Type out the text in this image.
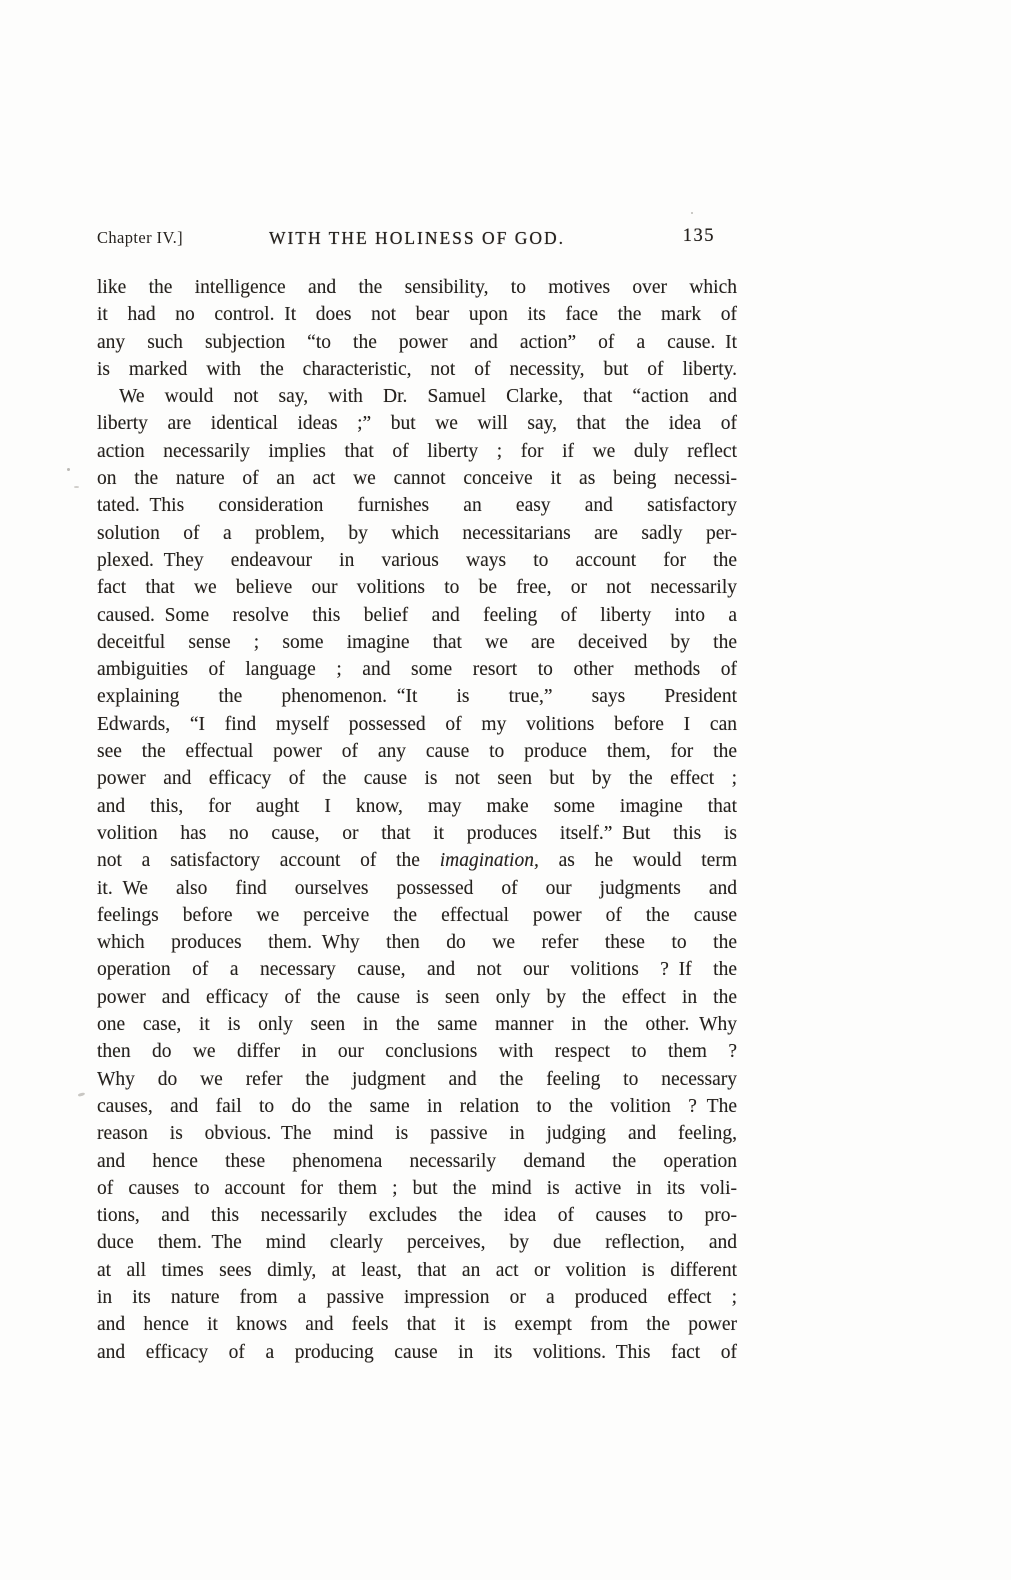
Chapter IV.]	WITH THE HOLINESS OF GOD.	135
like the intelligence and the sensibility, to motives over which
it had no control. It does not bear upon its face the mark of
any such subjection “to the power and action” of a cause. It
is marked with the characteristic, not of necessity, but of liberty.
We would not say, with Dr. Samuel Clarke, that “action and
liberty are identical ideas ;” but we will say, that the idea of
action necessarily implies that of liberty ; for if we duly reflect
on the nature of an act we cannot conceive it as being necessi-
tated. This consideration furnishes an easy and satisfactory
solution of a problem, by which necessitarians are sadly per-
plexed. They endeavour in various ways to account for the
fact that we believe our volitions to be free, or not necessarily
caused. Some resolve this belief and feeling of liberty into a
deceitful sense ; some imagine that we are deceived by the
ambiguities of language ; and some resort to other methods of
explaining the phenomenon. “It is true,” says President
Edwards, “I find myself possessed of my volitions before I can
see the effectual power of any cause to produce them, for the
power and efficacy of the cause is not seen but by the effect ;
and this, for aught I know, may make some imagine that
volition has no cause, or that it produces itself.” But this is
not a satisfactory account of the imagination, as he would term
it. We also find ourselves possessed of our judgments and
feelings before we perceive the effectual power of the cause
which produces them. Why then do we refer these to the
operation of a necessary cause, and not our volitions ? If the
power and efficacy of the cause is seen only by the effect in the
one case, it is only seen in the same manner in the other. Why
then do we differ in our conclusions with respect to them ?
Why do we refer the judgment and the feeling to necessary
causes, and fail to do the same in relation to the volition ? The
reason is obvious. The mind is passive in judging and feeling,
and hence these phenomena necessarily demand the operation
of causes to account for them ; but the mind is active in its voli-
tions, and this necessarily excludes the idea of causes to pro-
duce them. The mind clearly perceives, by due reflection, and
at all times sees dimly, at least, that an act or volition is different
in its nature from a passive impression or a produced effect ;
and hence it knows and feels that it is exempt from the power
and efficacy of a producing cause in its volitions. This fact of
